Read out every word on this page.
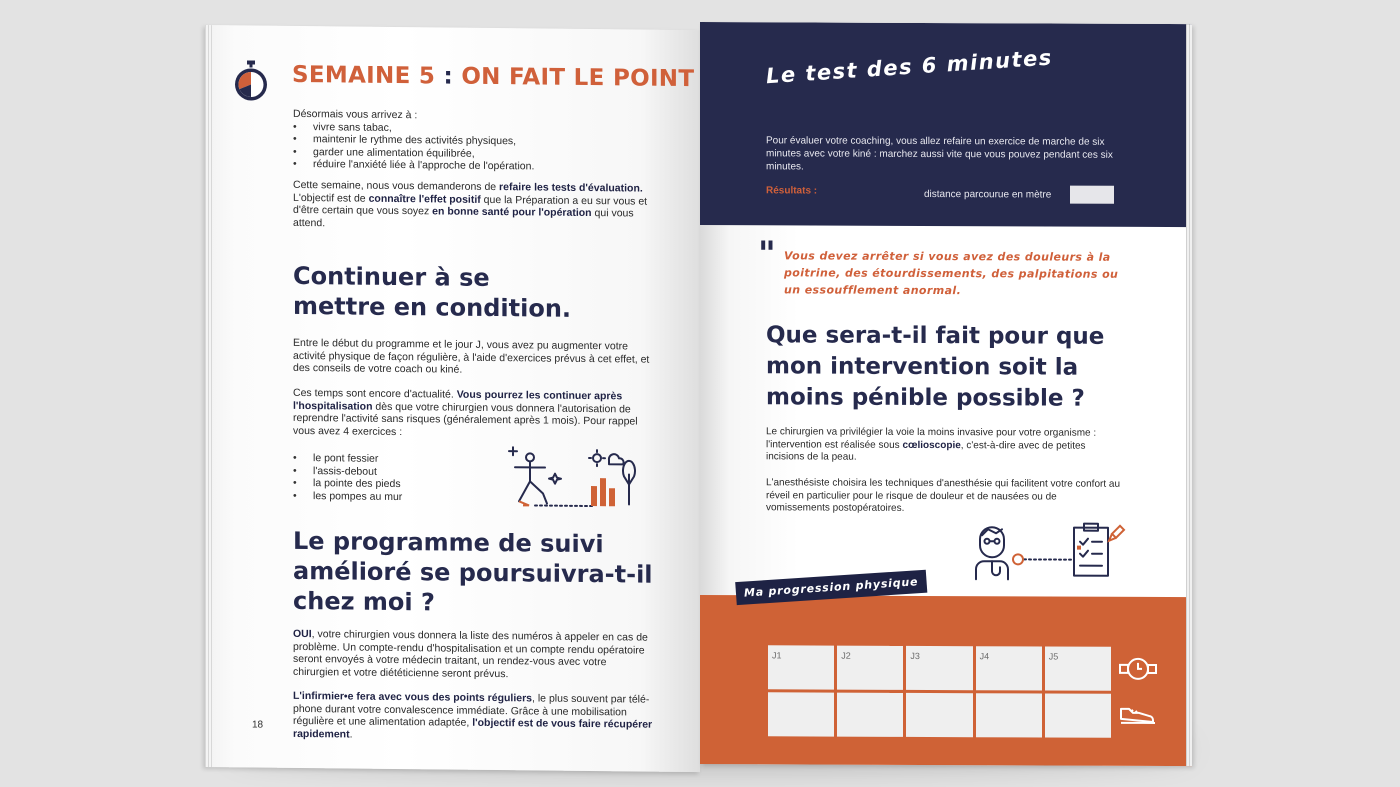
SEMAINE 5 : ON FAIT LE POINT
Désormais vous arrivez à :
• vivre sans tabac,
• maintenir le rythme des activités physiques,
• garder une alimentation équilibrée,
• réduire l'anxiété liée à l'approche de l'opération.

Cette semaine, nous vous demanderons de refaire les tests d'évaluation. L'objectif est de connaître l'effet positif que la Préparation a eu sur vous et d'être certain que vous soyez en bonne santé pour l'opération qui vous attend.

Continuer à se mettre en condition.

Entre le début du programme et le jour J, vous avez pu augmenter votre activité physique de façon régulière, à l'aide d'exercices prévus à cet effet, et des conseils de votre coach ou kiné.

Ces temps sont encore d'actualité. Vous pourrez les continuer après l'hospitalisation dès que votre chirurgien vous donnera l'autorisation de reprendre l'activité sans risques (généralement après 1 mois). Pour rappel vous avez 4 exercices :

• le pont fessier
• l'assis-debout
• la pointe des pieds
• les pompes au mur
Le programme de suivi amélioré se poursuivra-t-il chez moi ?

OUI, votre chirurgien vous donnera la liste des numéros à appeler en cas de problème. Un compte-rendu d'hospitalisation et un compte rendu opératoire seront envoyés à votre médecin traitant, un rendez-vous avec votre chirurgien et votre diététicienne seront prévus.

L'infirmier•e fera avec vous des points réguliers, le plus souvent par télé-phone durant votre convalescence immédiate. Grâce à une mobilisation régulière et une alimentation adaptée, l'objectif est de vous faire récupérer rapidement.

18
Le test des 6 minutes

Pour évaluer votre coaching, vous allez refaire un exercice de marche de six minutes avec votre kiné : marchez aussi vite que vous pouvez pendant ces six minutes.

Résultats :	distance parcourue en mètre
" Vous devez arrêter si vous avez des douleurs à la poitrine, des étourdissements, des palpitations ou un essoufflement anormal.

Que sera-t-il fait pour que mon intervention soit la moins pénible possible ?

Le chirurgien va privilégier la voie la moins invasive pour votre organisme : l'intervention est réalisée sous cœlioscopie, c'est-à-dire avec de petites incisions de la peau.

L'anesthésiste choisira les techniques d'anesthésie qui facilitent votre confort au réveil en particulier pour le risque de douleur et de nausées ou de vomissements postopératoires.

Ma progression physique
J1	J2	J3	J4	J5
